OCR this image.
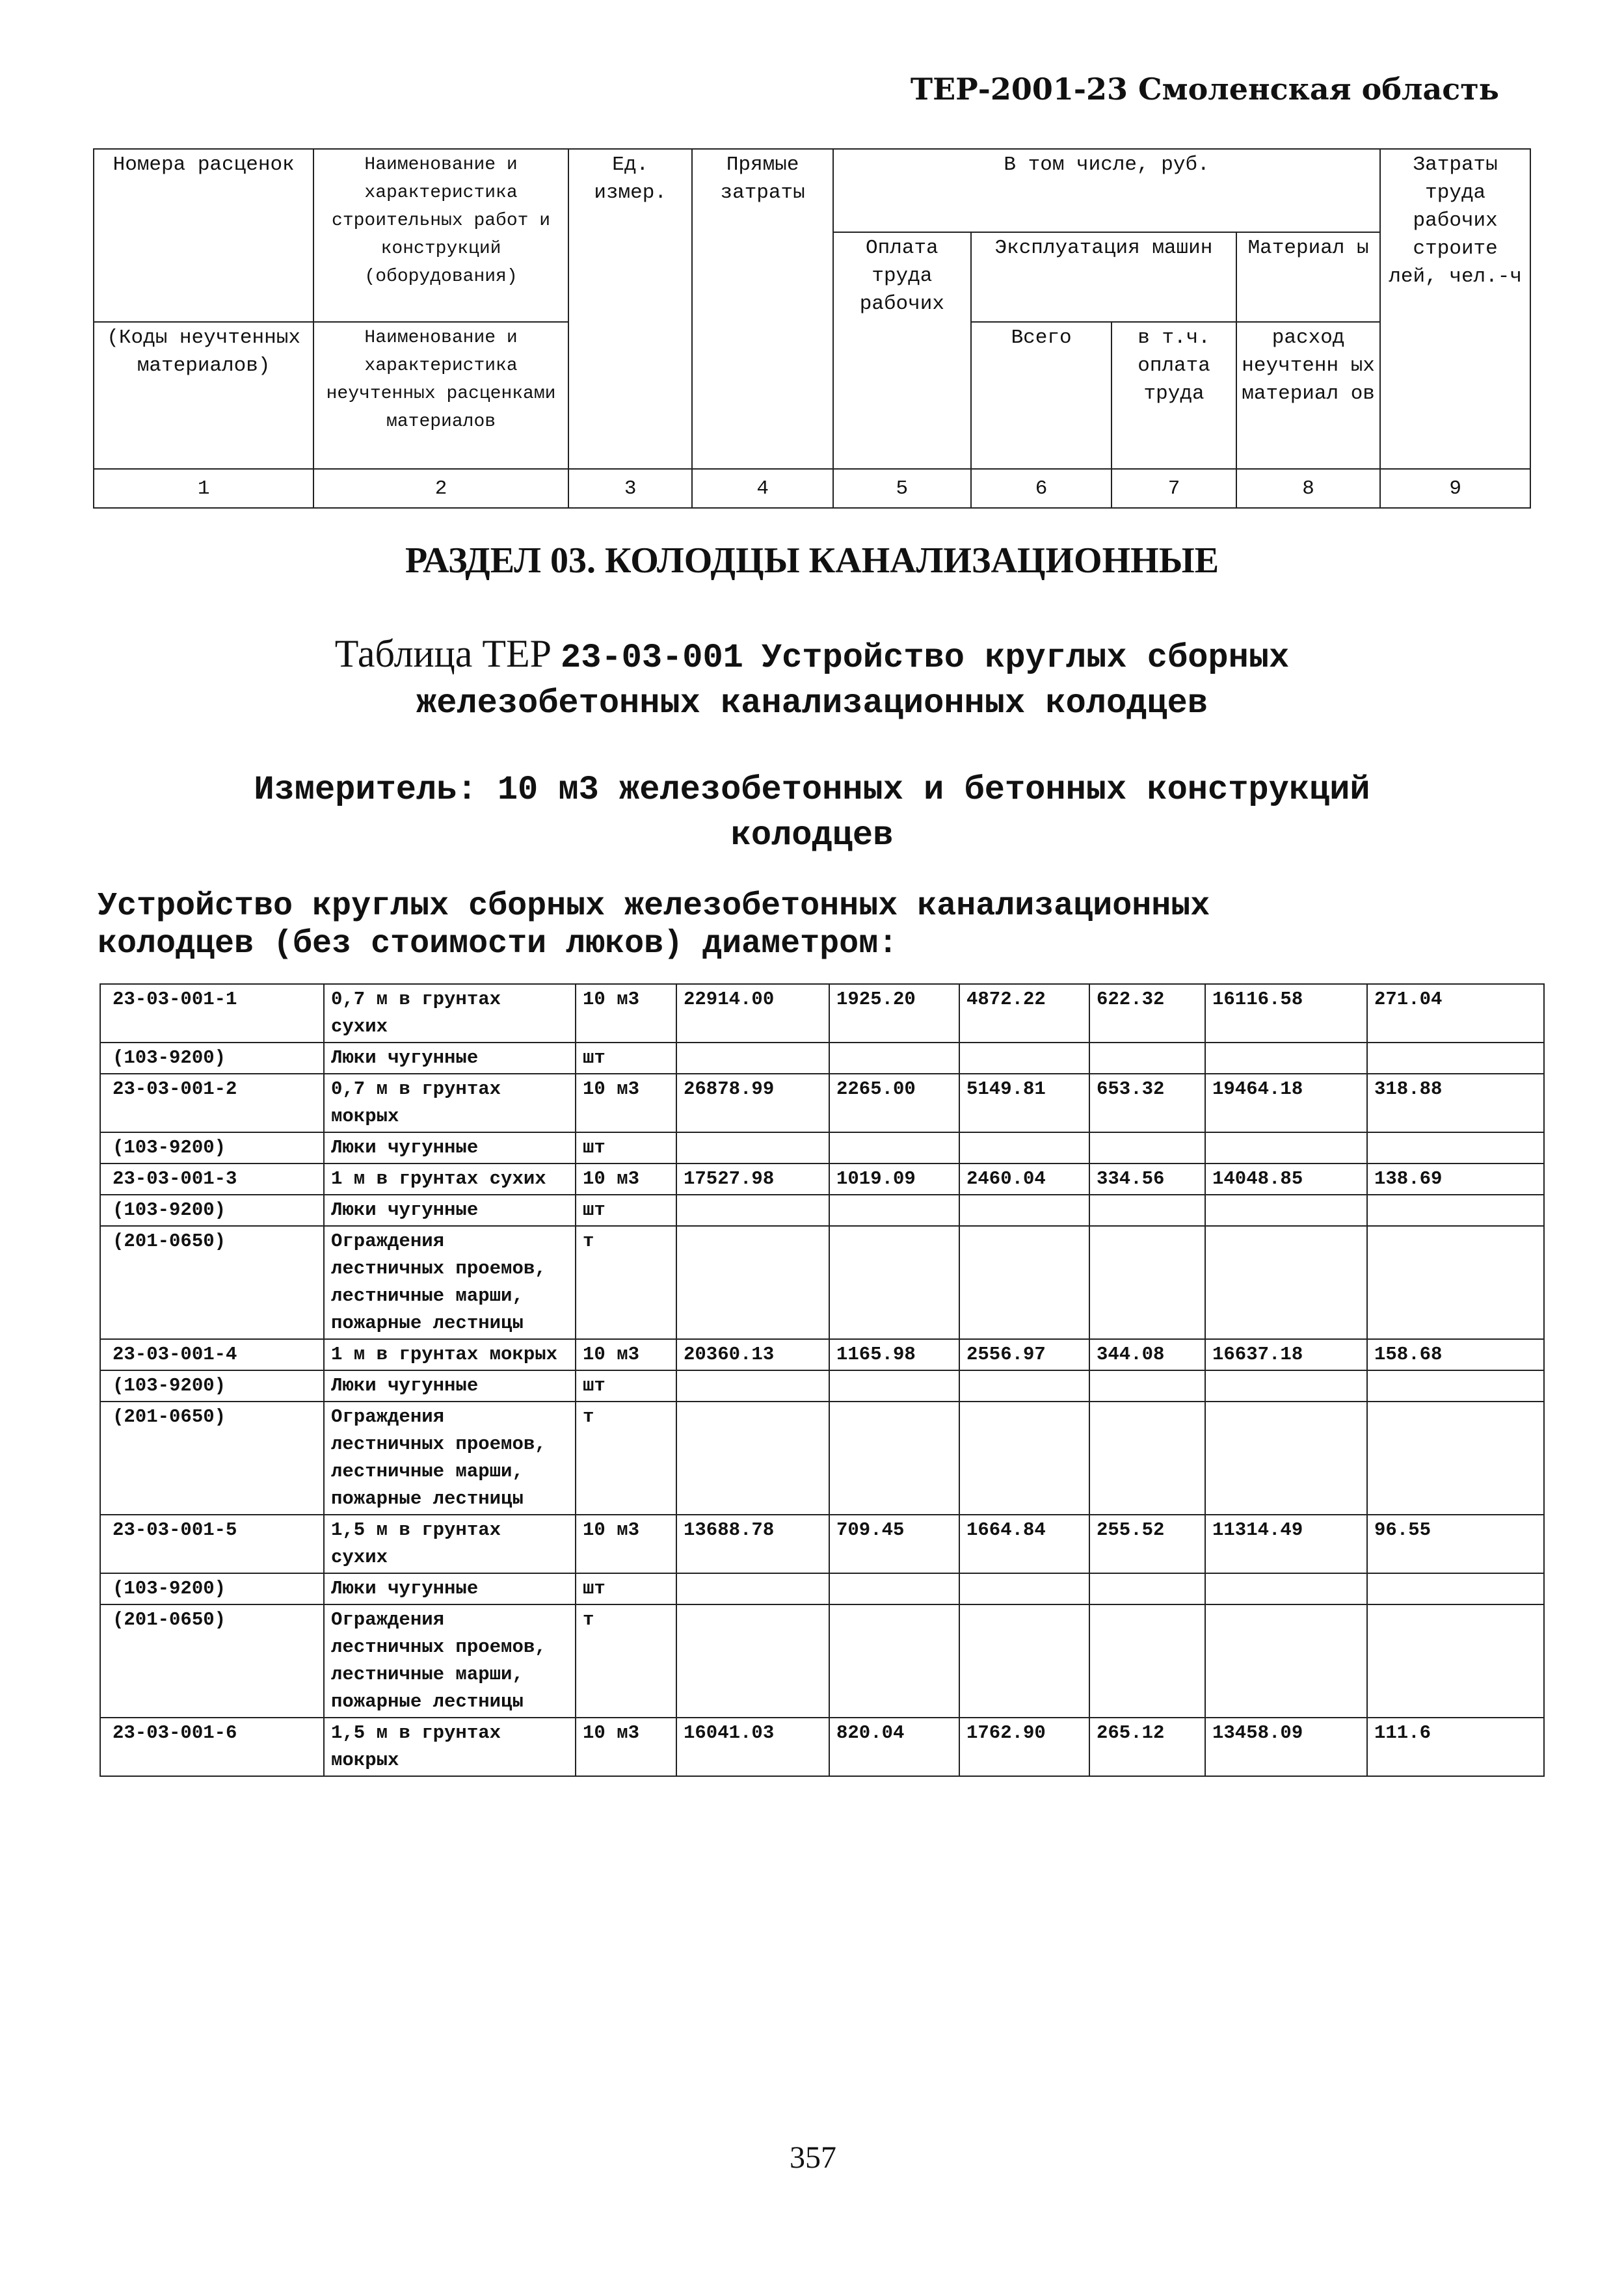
ТЕР-2001-23 Смоленская область
Номера расценок	Наименование и характеристика строительных работ и конструкций (оборудования)	Ед. измер.	Прямые затраты	В том числе, руб.				Затраты труда рабочих строите лей, чел.-ч
				Оплата труда рабочих	Эксплуатация машин		Материал ы	
(Коды неучтенных материалов)	Наименование и характеристика неучтенных расценками материалов				Всего	в т.ч. оплата труда	расход неучтенн ых материал ов	

1	2	3	4	5	6	7	8	9
РАЗДЕЛ 03. КОЛОДЦЫ КАНАЛИЗАЦИОННЫЕ
Таблица ТЕР 23-03-001 Устройство круглых сборных
железобетонных канализационных колодцев
Измеритель: 10 м3 железобетонных и бетонных конструкций
колодцев
Устройство круглых сборных железобетонных канализационных
колодцев (без стоимости люков) диаметром:
23-03-001-1	0,7 м в грунтах сухих	10 м3	22914.00	1925.20	4872.22	622.32	16116.58	271.04
(103-9200)	Люки чугунные	шт						
23-03-001-2	0,7 м в грунтах мокрых	10 м3	26878.99	2265.00	5149.81	653.32	19464.18	318.88
(103-9200)	Люки чугунные	шт						
23-03-001-3	1 м в грунтах сухих	10 м3	17527.98	1019.09	2460.04	334.56	14048.85	138.69
(103-9200)	Люки чугунные	шт						
(201-0650)	Ограждения лестничных проемов, лестничные марши, пожарные лестницы	т						
23-03-001-4	1 м в грунтах мокрых	10 м3	20360.13	1165.98	2556.97	344.08	16637.18	158.68
(103-9200)	Люки чугунные	шт						
(201-0650)	Ограждения лестничных проемов, лестничные марши, пожарные лестницы	т						
23-03-001-5	1,5 м в грунтах сухих	10 м3	13688.78	709.45	1664.84	255.52	11314.49	96.55
(103-9200)	Люки чугунные	шт						
(201-0650)	Ограждения лестничных проемов, лестничные марши, пожарные лестницы	т						
23-03-001-6	1,5 м в грунтах мокрых	10 м3	16041.03	820.04	1762.90	265.12	13458.09	111.6
357
